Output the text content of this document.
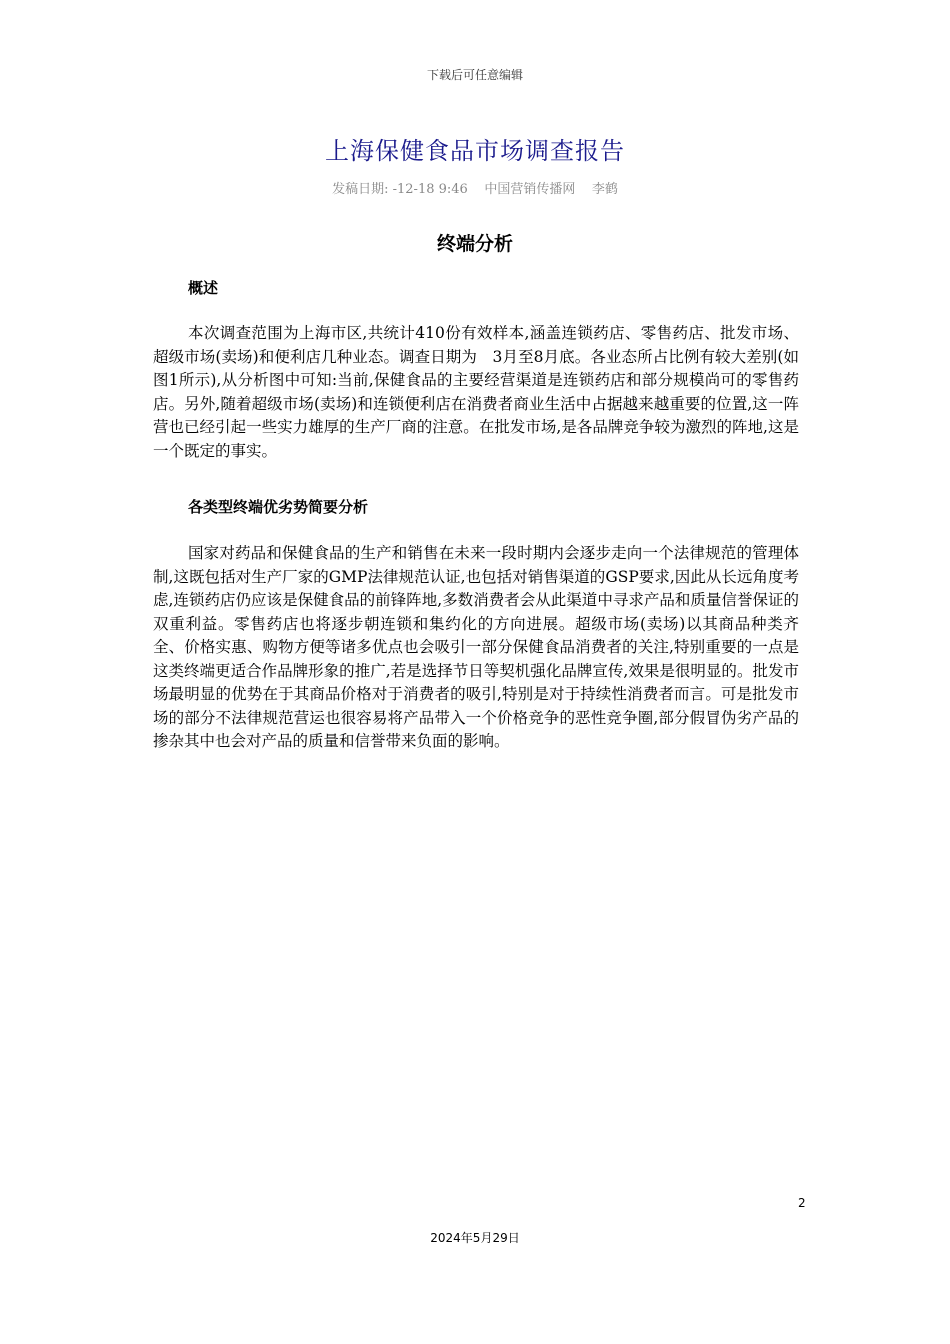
下载后可任意编辑
上海保健食品市场调查报告
发稿日期: -12-18 9:46    中国营销传播网    李鹤
终端分析
概述
本次调查范围为上海市区,共统计410份有效样本,涵盖连锁药店、零售药店、批发市场、超级市场(卖场)和便利店几种业态。调查日期为　3月至8月底。各业态所占比例有较大差别(如图1所示),从分析图中可知:当前,保健食品的主要经营渠道是连锁药店和部分规模尚可的零售药店。另外,随着超级市场(卖场)和连锁便利店在消费者商业生活中占据越来越重要的位置,这一阵营也已经引起一些实力雄厚的生产厂商的注意。在批发市场,是各品牌竞争较为激烈的阵地,这是一个既定的事实。
各类型终端优劣势简要分析
国家对药品和保健食品的生产和销售在未来一段时期内会逐步走向一个法律规范的管理体制,这既包括对生产厂家的GMP法律规范认证,也包括对销售渠道的GSP要求,因此从长远角度考虑,连锁药店仍应该是保健食品的前锋阵地,多数消费者会从此渠道中寻求产品和质量信誉保证的双重利益。零售药店也将逐步朝连锁和集约化的方向进展。超级市场(卖场)以其商品种类齐全、价格实惠、购物方便等诸多优点也会吸引一部分保健食品消费者的关注,特别重要的一点是这类终端更适合作品牌形象的推广,若是选择节日等契机强化品牌宣传,效果是很明显的。批发市场最明显的优势在于其商品价格对于消费者的吸引,特别是对于持续性消费者而言。可是批发市场的部分不法律规范营运也很容易将产品带入一个价格竞争的恶性竞争圈,部分假冒伪劣产品的掺杂其中也会对产品的质量和信誉带来负面的影响。
2
2024年5月29日
